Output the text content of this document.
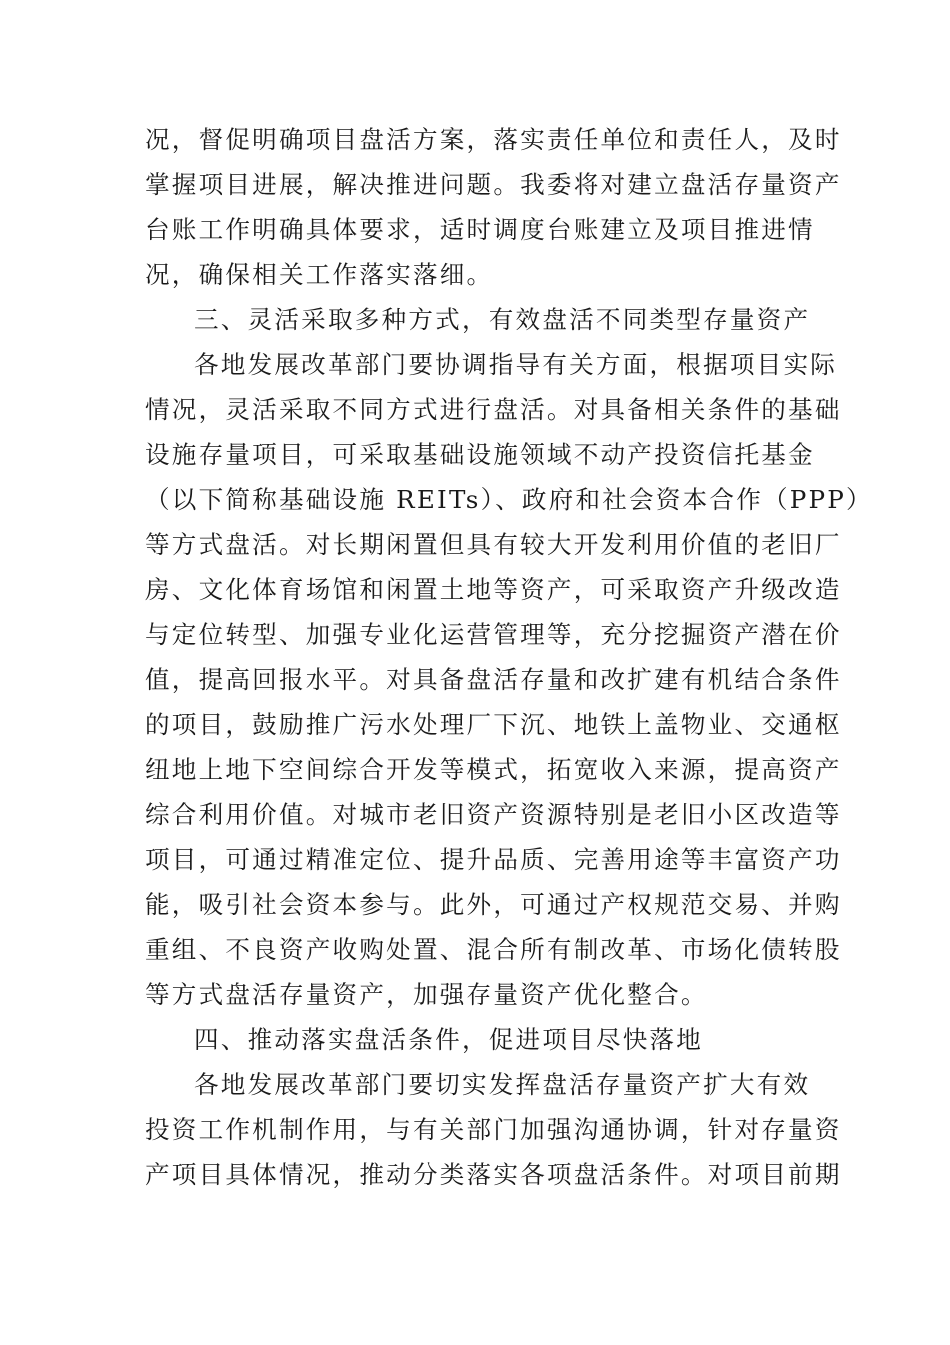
况，督促明确项目盘活方案，落实责任单位和责任人，及时
掌握项目进展，解决推进问题。我委将对建立盘活存量资产
台账工作明确具体要求，适时调度台账建立及项目推进情
况，确保相关工作落实落细。
三、灵活采取多种方式，有效盘活不同类型存量资产
各地发展改革部门要协调指导有关方面，根据项目实际
情况，灵活采取不同方式进行盘活。对具备相关条件的基础
设施存量项目，可采取基础设施领域不动产投资信托基金
（以下简称基础设施 REITs）、政府和社会资本合作（PPP）
等方式盘活。对长期闲置但具有较大开发利用价值的老旧厂
房、文化体育场馆和闲置土地等资产，可采取资产升级改造
与定位转型、加强专业化运营管理等，充分挖掘资产潜在价
值，提高回报水平。对具备盘活存量和改扩建有机结合条件
的项目，鼓励推广污水处理厂下沉、地铁上盖物业、交通枢
纽地上地下空间综合开发等模式，拓宽收入来源，提高资产
综合利用价值。对城市老旧资产资源特别是老旧小区改造等
项目，可通过精准定位、提升品质、完善用途等丰富资产功
能，吸引社会资本参与。此外，可通过产权规范交易、并购
重组、不良资产收购处置、混合所有制改革、市场化债转股
等方式盘活存量资产，加强存量资产优化整合。
四、推动落实盘活条件，促进项目尽快落地
各地发展改革部门要切实发挥盘活存量资产扩大有效
投资工作机制作用，与有关部门加强沟通协调，针对存量资
产项目具体情况，推动分类落实各项盘活条件。对项目前期
